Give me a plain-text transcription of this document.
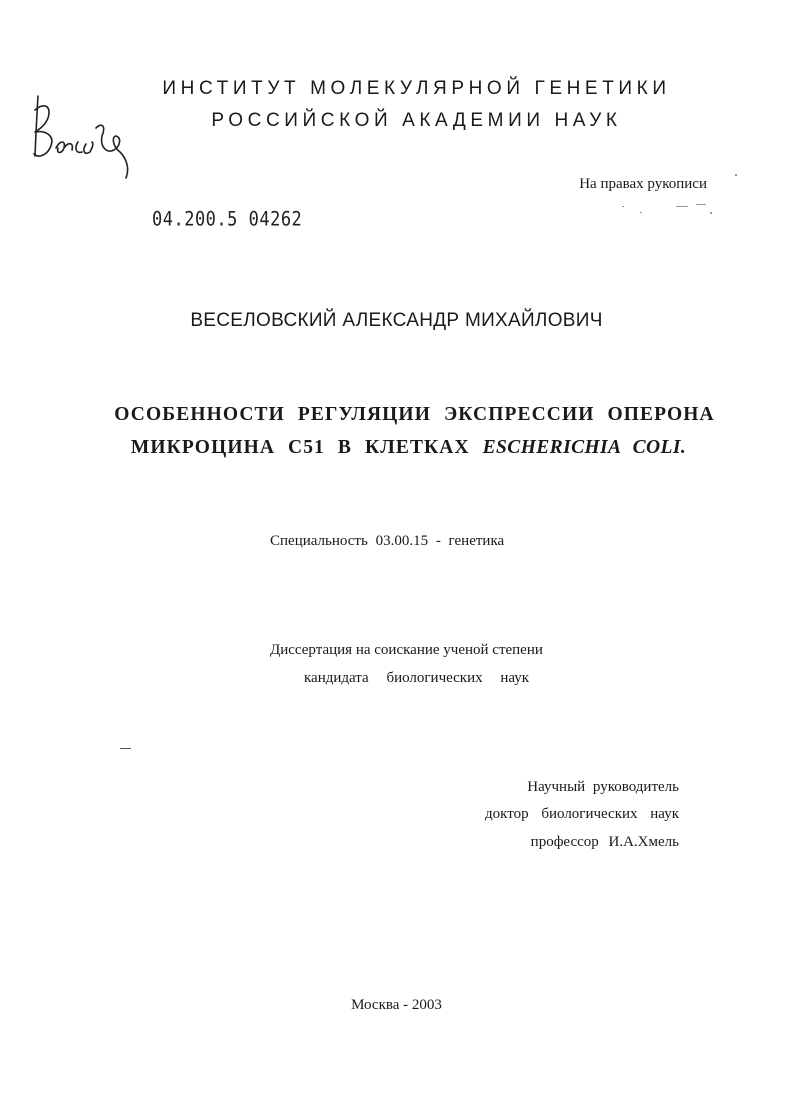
ИНСТИТУТ МОЛЕКУЛЯРНОЙ ГЕНЕТИКИ
РОССИЙСКОЙ АКАДЕМИИ НАУК
На правах рукописи
04.200.5 04262
ВЕСЕЛОВСКИЙ АЛЕКСАНДР МИХАЙЛОВИЧ
ОСОБЕННОСТИ РЕГУЛЯЦИИ ЭКСПРЕССИИ ОПЕРОНА
МИКРОЦИНА С51 В КЛЕТКАХ ESCHERICHIA COLI.
Специальность 03.00.15 - генетика
Диссертация на соискание ученой степени
кандидата биологических наук
Научный руководитель
доктор биологических наук
профессор И.А.Хмель
Москва - 2003
